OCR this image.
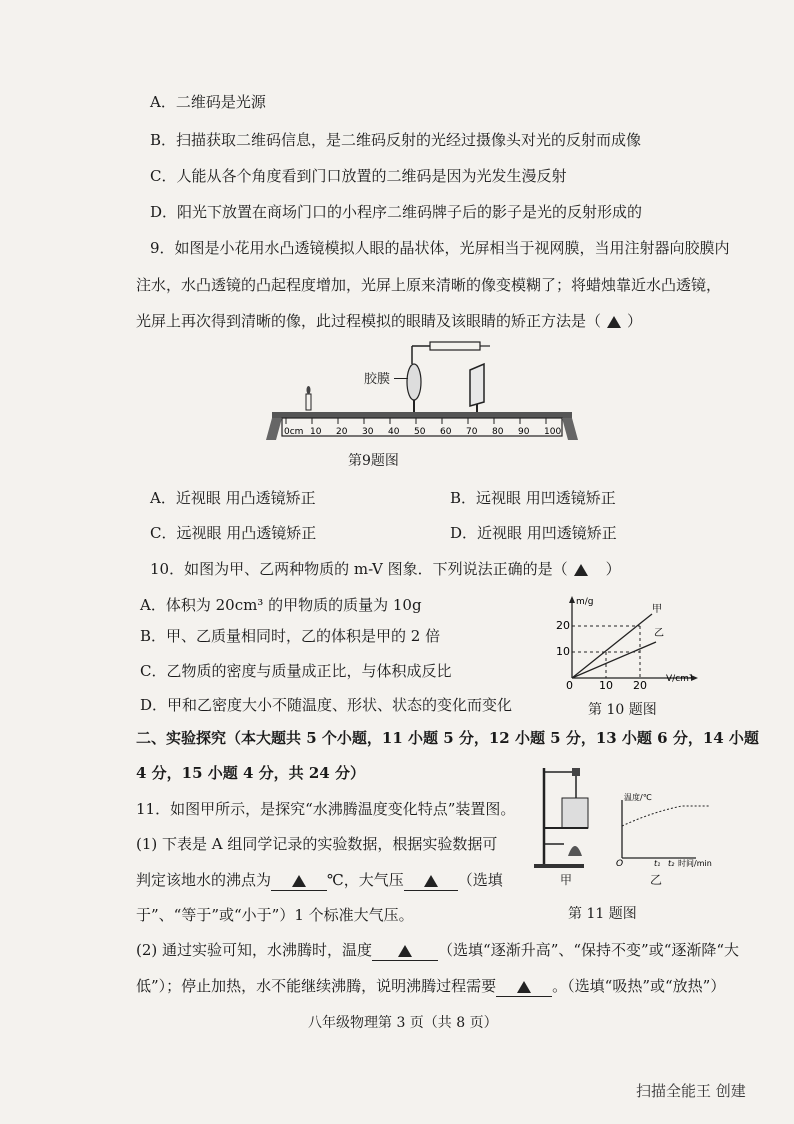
A．二维码是光源
B．扫描获取二维码信息，是二维码反射的光经过摄像头对光的反射而成像
C．人能从各个角度看到门口放置的二维码是因为光发生漫反射
D．阳光下放置在商场门口的小程序二维码牌子后的影子是光的反射形成的
9．如图是小花用水凸透镜模拟人眼的晶状体，光屏相当于视网膜，当用注射器向胶膜内
注水，水凸透镜的凸起程度增加，光屏上原来清晰的像变模糊了；将蜡烛靠近水凸透镜，
光屏上再次得到清晰的像，此过程模拟的眼睛及该眼睛的矫正方法是（ ）
0cm 10 20 30 40 50 60 70 80 90 100
胶膜
第9题图
A．近视眼 用凸透镜矫正	B．远视眼 用凹透镜矫正
C．远视眼 用凸透镜矫正	D．近视眼 用凹透镜矫正
10．如图为甲、乙两种物质的 m-V 图象．下列说法正确的是（	）
A．体积为 20cm³ 的甲物质的质量为 10g
B．甲、乙质量相同时，乙的体积是甲的 2 倍
C．乙物质的密度与质量成正比，与体积成反比
D．甲和乙密度大小不随温度、形状、状态的变化而变化
m/g
V/cm³
甲
乙
20
10
0 10 20
第 10 题图
二、实验探究（本大题共 5 个小题，11 小题 5 分，12 小题 5 分，13 小题 6 分，14 小题
4 分，15 小题 4 分，共 24 分）
11．如图甲所示，是探究“水沸腾温度变化特点”装置图。
(1) 下表是 A 组同学记录的实验数据，根据实验数据可
判定该地水的沸点为	℃，大气压	（选填
于”、“等于”或“小于”）1 个标准大气压。
(2) 通过实验可知，水沸腾时，温度	（选填“逐渐升高”、“保持不变”或“逐渐降“大
低”）；停止加热，水不能继续沸腾，说明沸腾过程需要	。（选填“吸热”或“放热”）
甲
温度/℃
O	t₁ t₂ 时间/min
乙
第 11 题图
八年级物理第 3 页（共 8 页）
扫描全能王 创建
